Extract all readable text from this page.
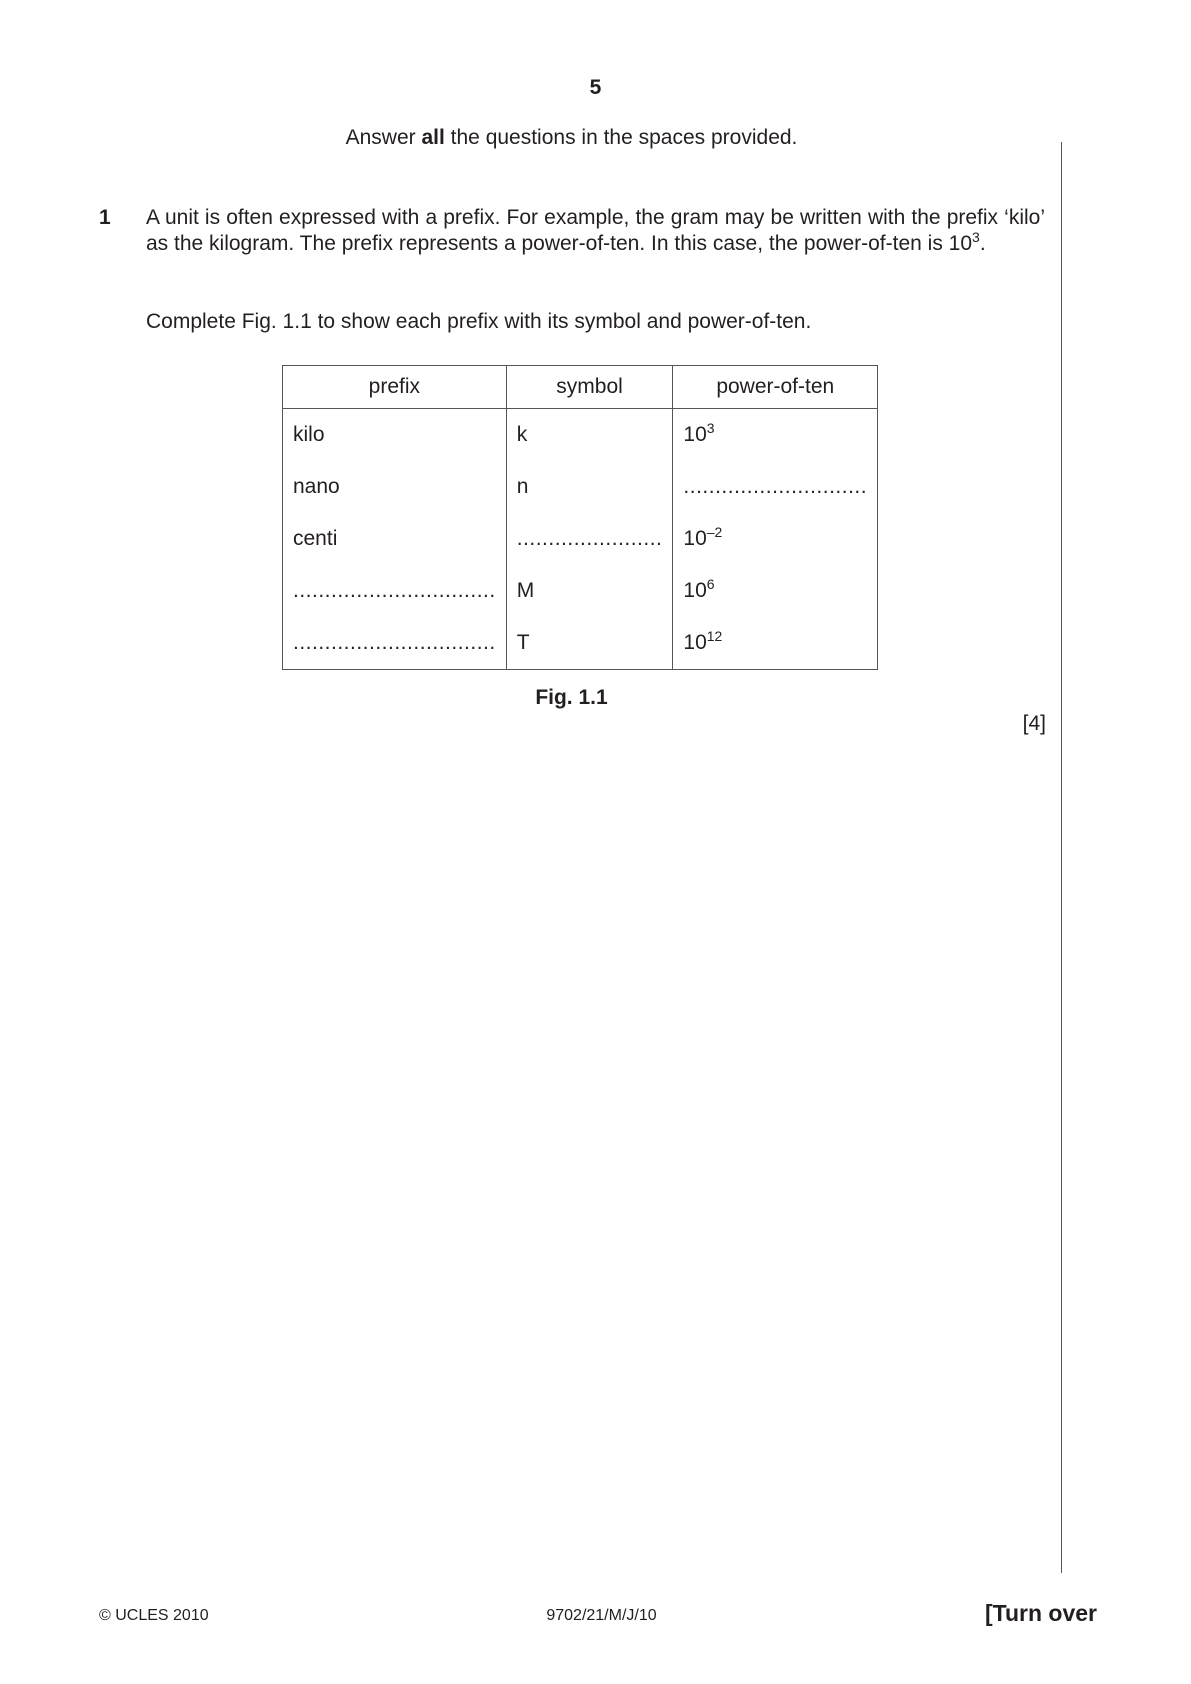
5
Answer all the questions in the spaces provided.
1 A unit is often expressed with a prefix. For example, the gram may be written with the prefix ‘kilo’ as the kilogram. The prefix represents a power-of-ten. In this case, the power-of-ten is $10^3$.
Complete Fig. 1.1 to show each prefix with its symbol and power-of-ten.
prefix	symbol	power-of-ten
kilo	k	$10^3$
nano	n	.............................
centi	.......................	$10^{-2}$
................................	M	$10^6$
................................	T	$10^{12}$
Fig. 1.1
[4]
© UCLES 2010	9702/21/M/J/10	[Turn over
